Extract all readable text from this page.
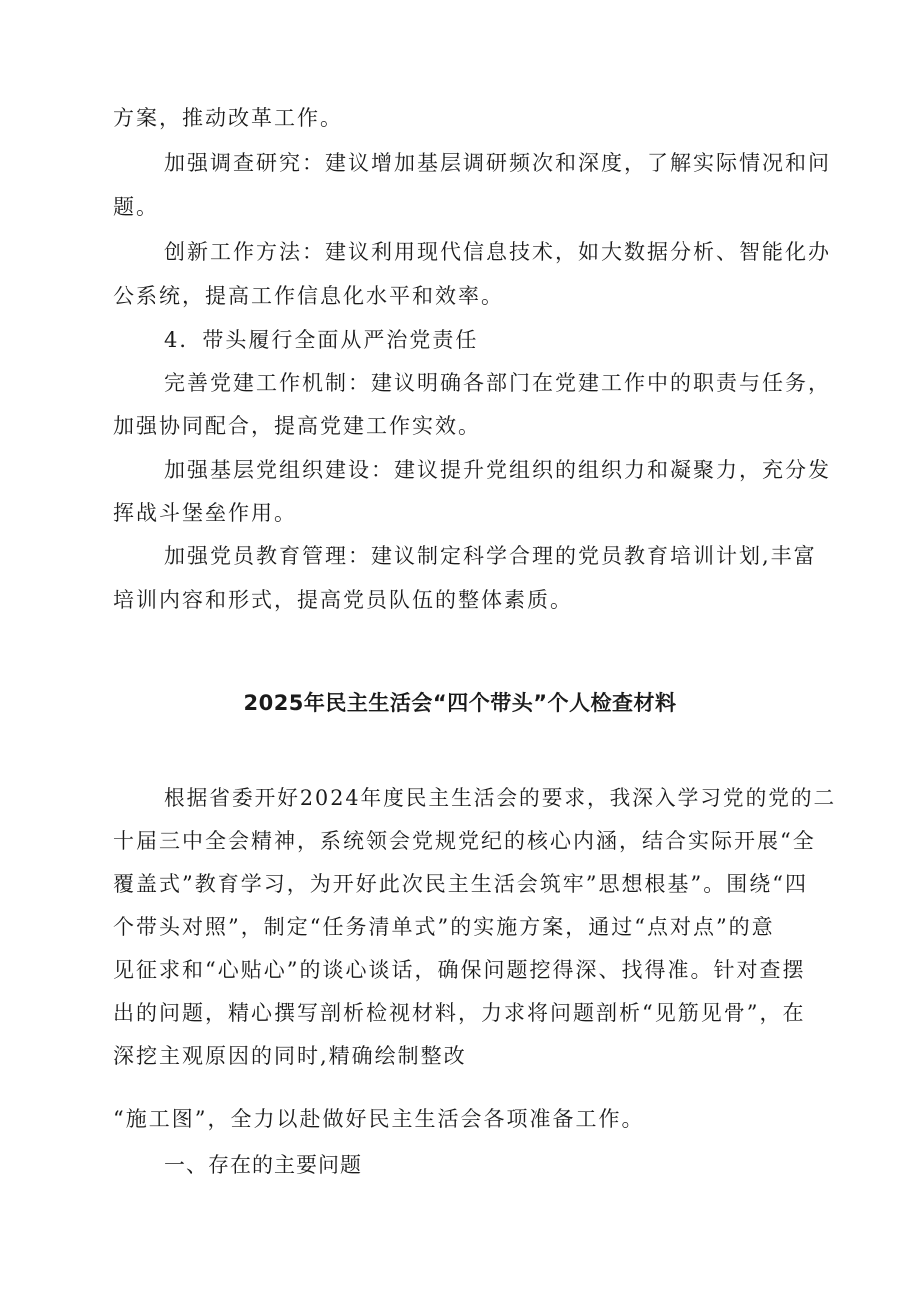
方案，推动改革工作。
加强调查研究：建议增加基层调研频次和深度，了解实际情况和问
题。
创新工作方法：建议利用现代信息技术，如大数据分析、智能化办
公系统，提高工作信息化水平和效率。
4．带头履行全面从严治党责任
完善党建工作机制：建议明确各部门在党建工作中的职责与任务，
加强协同配合，提高党建工作实效。
加强基层党组织建设：建议提升党组织的组织力和凝聚力，充分发
挥战斗堡垒作用。
加强党员教育管理：建议制定科学合理的党员教育培训计划,丰富
培训内容和形式，提高党员队伍的整体素质。
2025年民主生活会“四个带头”个人检查材料
根据省委开好2024年度民主生活会的要求，我深入学习党的党的二
十届三中全会精神，系统领会党规党纪的核心内涵，结合实际开展“全
覆盖式”教育学习，为开好此次民主生活会筑牢”思想根基”。围绕“四
个带头对照”，制定“任务清单式”的实施方案，通过“点对点”的意
见征求和“心贴心”的谈心谈话，确保问题挖得深、找得准。针对查摆
出的问题，精心撰写剖析检视材料，力求将问题剖析“见筋见骨”，在
深挖主观原因的同时,精确绘制整改
“施工图”，全力以赴做好民主生活会各项准备工作。
一、存在的主要问题
